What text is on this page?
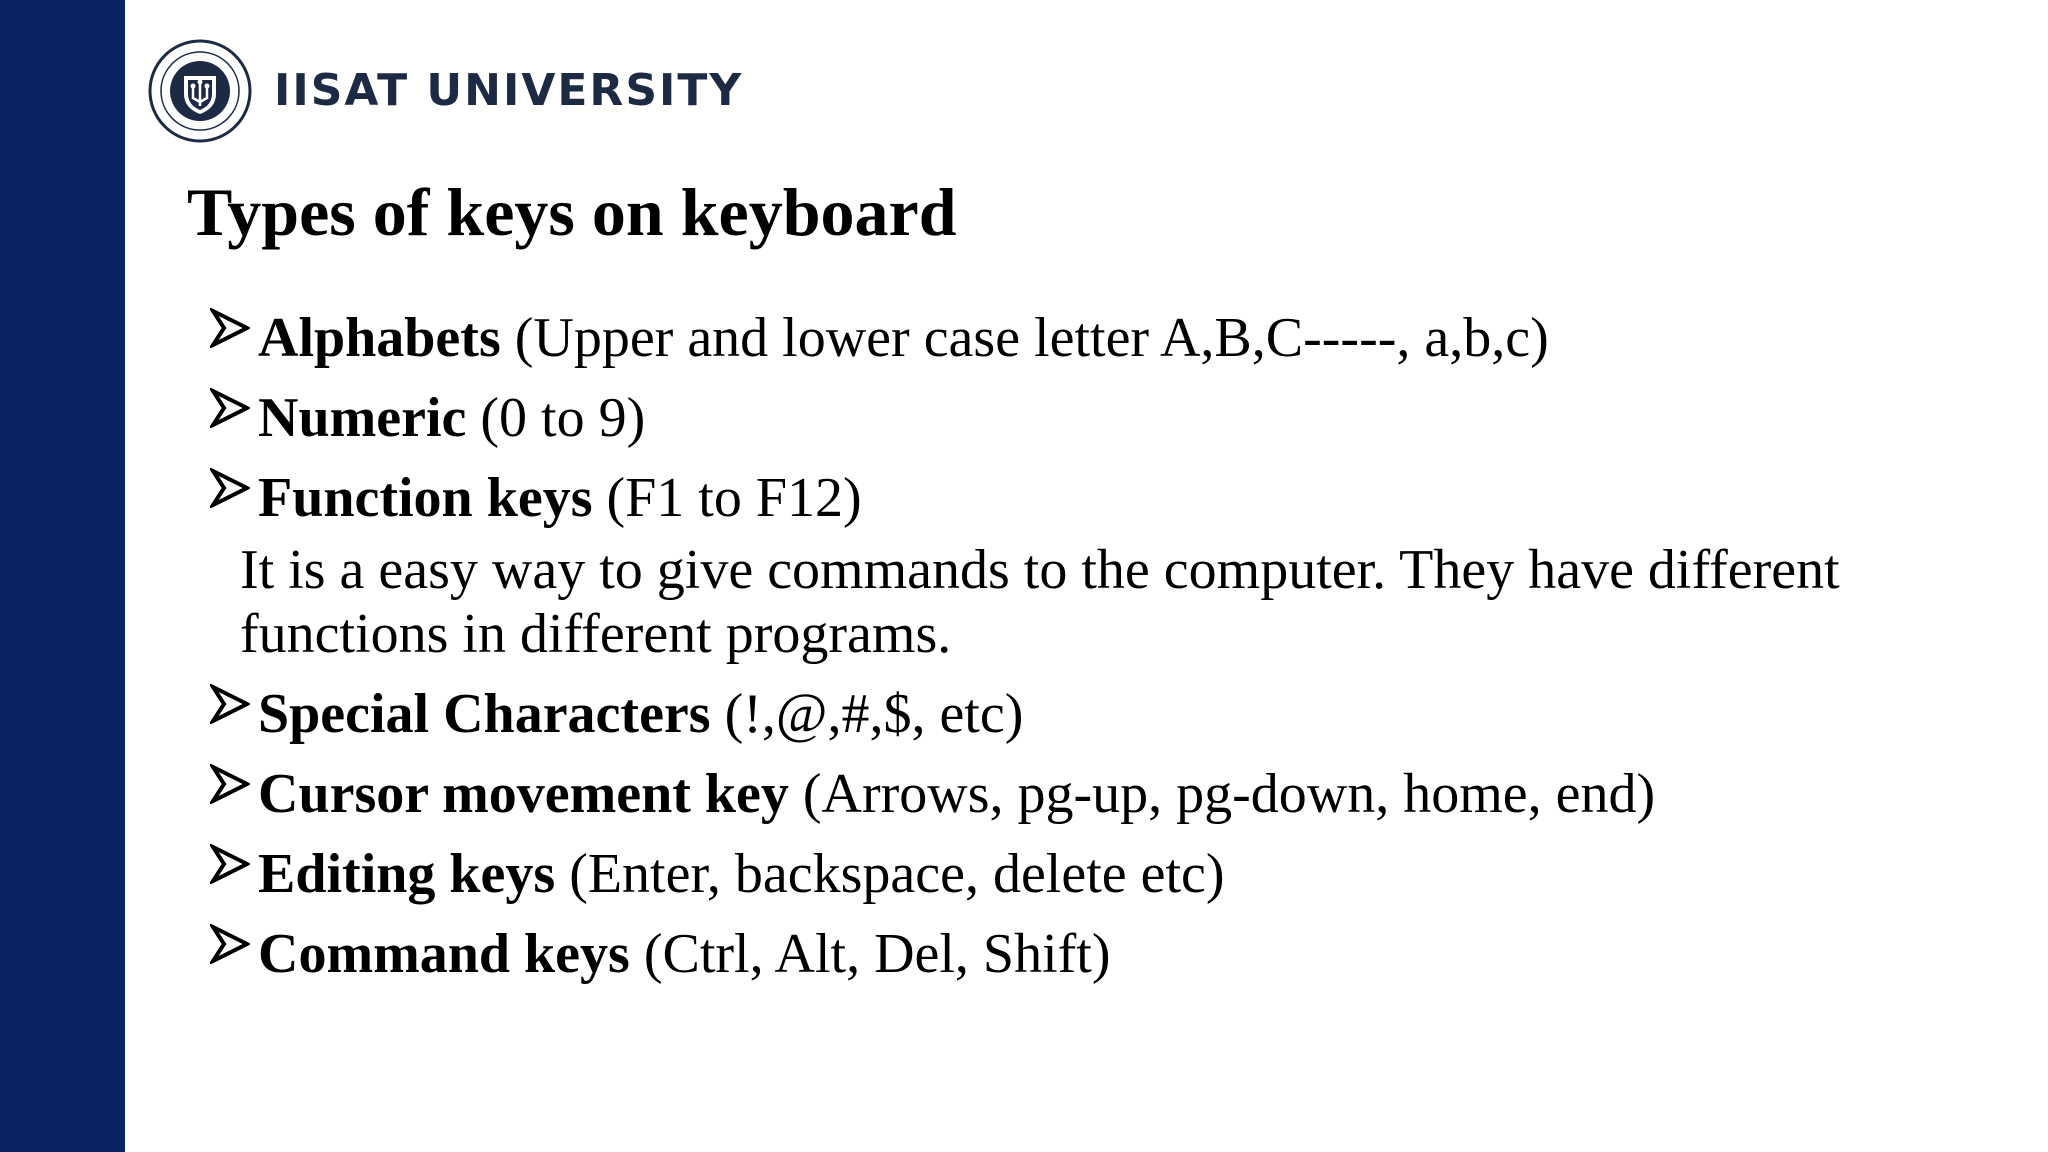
IISAT UNIVERSITY
Types of keys on keyboard
Alphabets (Upper and lower case letter A,B,C-----, a,b,c)
Numeric (0 to 9)
Function keys (F1 to F12)
It is a easy way to give commands to the computer. They have different functions in different programs.
Special Characters (!,@,#,$, etc)
Cursor movement key (Arrows, pg-up, pg-down, home, end)
Editing keys (Enter, backspace, delete etc)
Command keys (Ctrl, Alt, Del, Shift)
